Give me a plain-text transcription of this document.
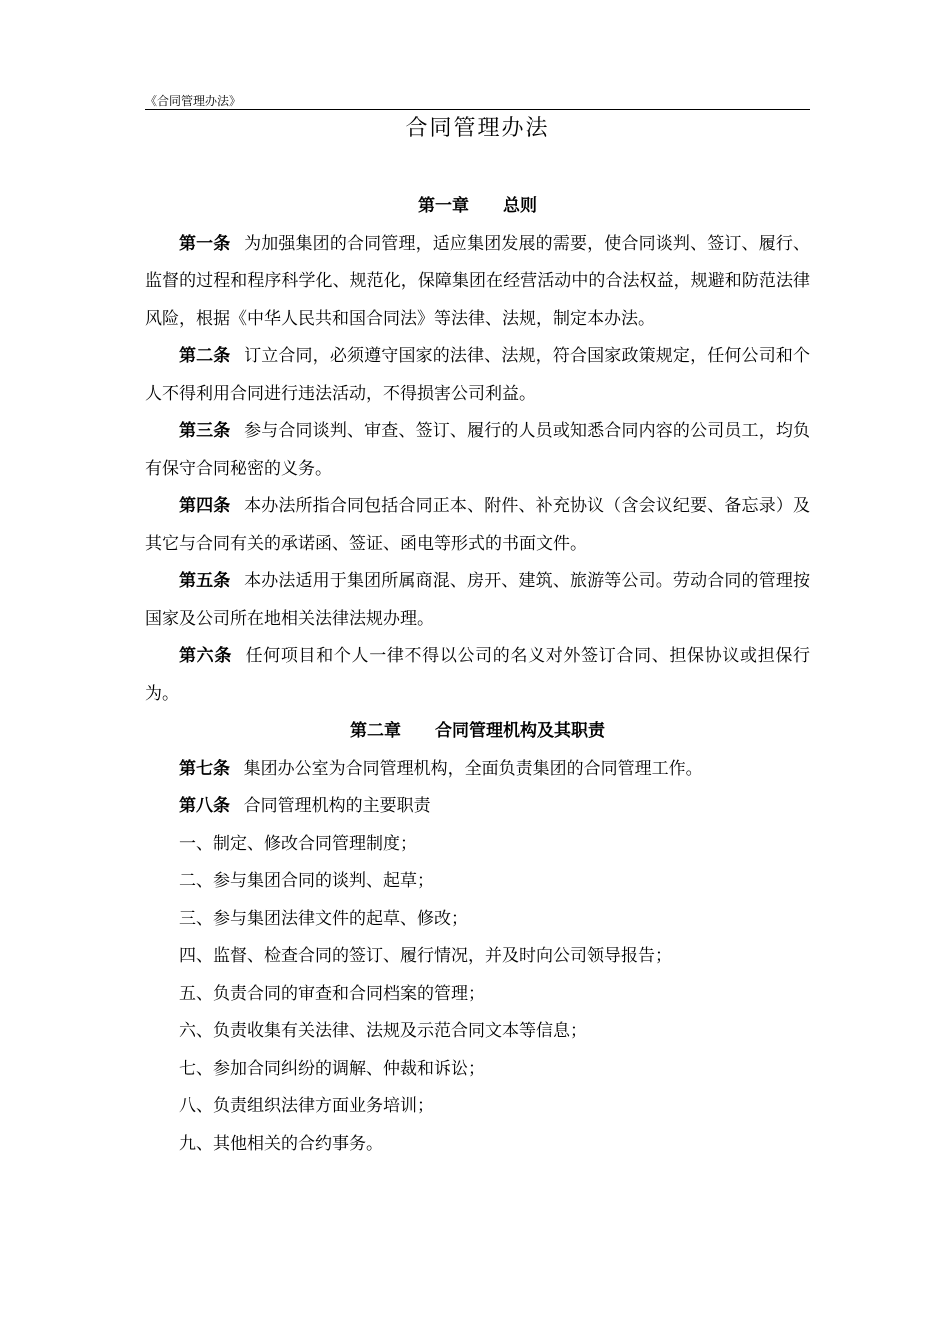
《合同管理办法》
合同管理办法

第一章　　总则

第一条 为加强集团的合同管理，适应集团发展的需要，使合同谈判、签订、履行、监督的过程和程序科学化、规范化，保障集团在经营活动中的合法权益，规避和防范法律风险，根据《中华人民共和国合同法》等法律、法规，制定本办法。

第二条 订立合同，必须遵守国家的法律、法规，符合国家政策规定，任何公司和个人不得利用合同进行违法活动，不得损害公司利益。

第三条 参与合同谈判、审查、签订、履行的人员或知悉合同内容的公司员工，均负有保守合同秘密的义务。

第四条 本办法所指合同包括合同正本、附件、补充协议（含会议纪要、备忘录）及其它与合同有关的承诺函、签证、函电等形式的书面文件。

第五条 本办法适用于集团所属商混、房开、建筑、旅游等公司。劳动合同的管理按国家及公司所在地相关法律法规办理。

第六条 任何项目和个人一律不得以公司的名义对外签订合同、担保协议或担保行为。

第二章　　合同管理机构及其职责

第七条 集团办公室为合同管理机构，全面负责集团的合同管理工作。

第八条 合同管理机构的主要职责

一、制定、修改合同管理制度；

二、参与集团合同的谈判、起草；

三、参与集团法律文件的起草、修改；

四、监督、检查合同的签订、履行情况，并及时向公司领导报告；

五、负责合同的审查和合同档案的管理；

六、负责收集有关法律、法规及示范合同文本等信息；

七、参加合同纠纷的调解、仲裁和诉讼；

八、负责组织法律方面业务培训；

九、其他相关的合约事务。
